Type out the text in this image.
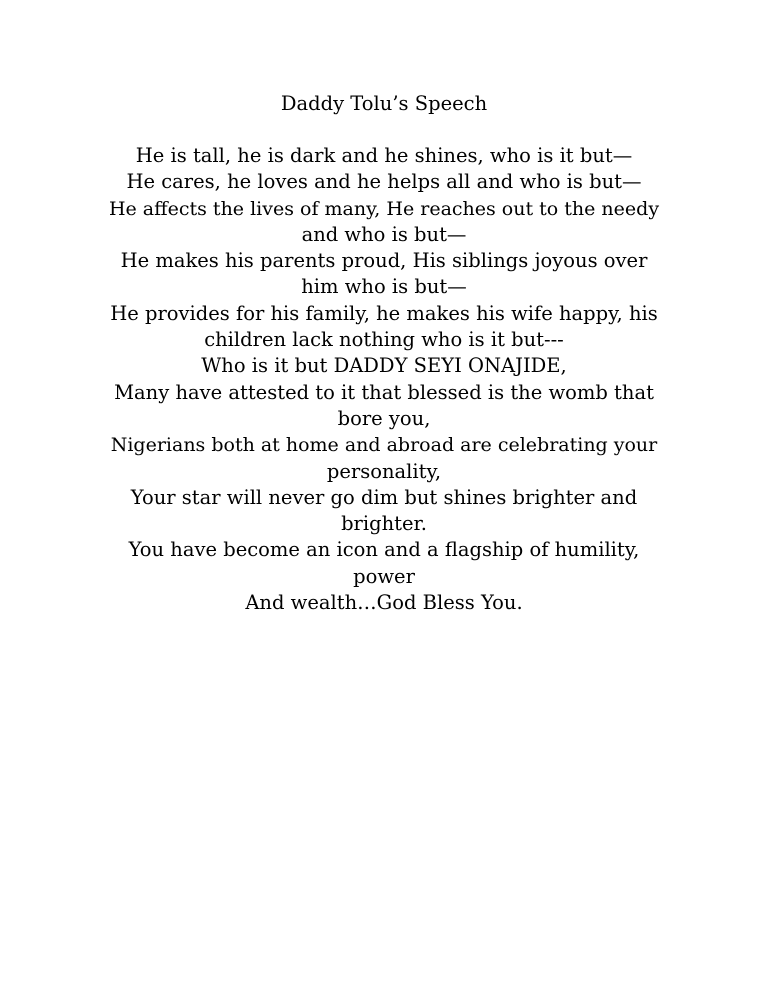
Daddy Tolu’s Speech
He is tall, he is dark and he shines, who is it but—
He cares, he loves and he helps all and who is but—
He affects the lives of many, He reaches out to the needy
and who is but—
He makes his parents proud, His siblings joyous over
him who is but—
He provides for his family, he makes his wife happy, his
children lack nothing who is it but---
Who is it but DADDY SEYI ONAJIDE,
Many have attested to it that blessed is the womb that
bore you,
Nigerians both at home and abroad are celebrating your
personality,
Your star will never go dim but shines brighter and
brighter.
You have become an icon and a flagship of humility,
power
And wealth…God Bless You.
